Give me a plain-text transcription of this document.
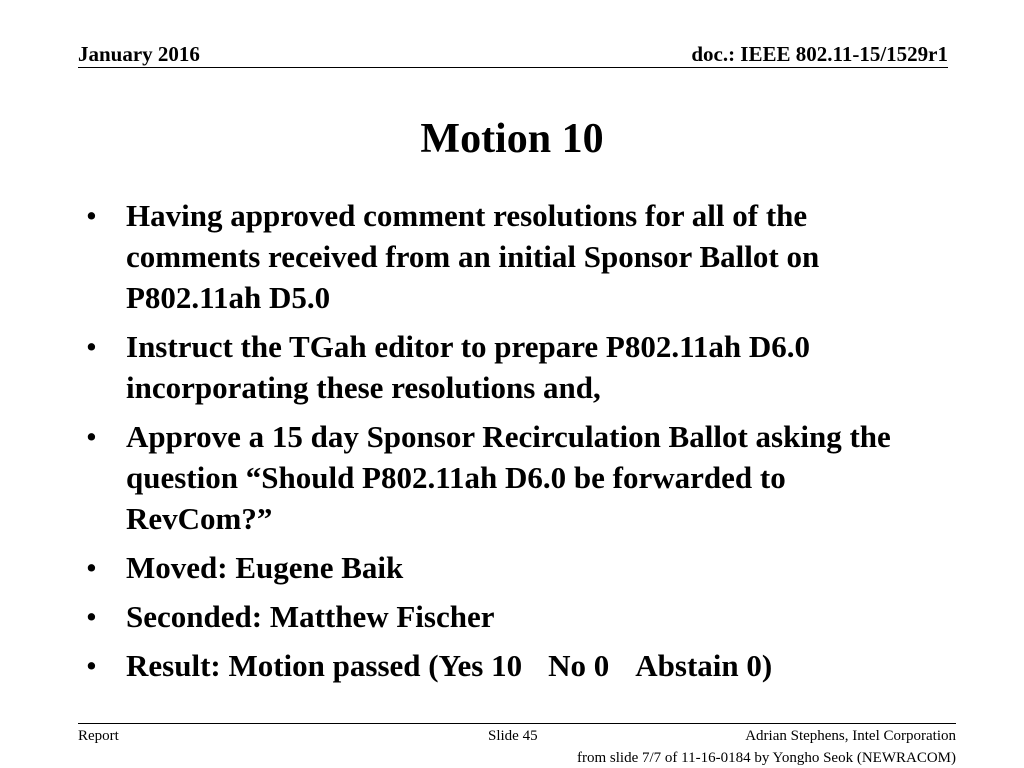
January 2016	doc.: IEEE 802.11-15/1529r1
Motion 10
• Having approved comment resolutions for all of the comments received from an initial Sponsor Ballot on P802.11ah D5.0
• Instruct the TGah editor to prepare P802.11ah D6.0 incorporating these resolutions and,
• Approve a 15 day Sponsor Recirculation Ballot asking the question “Should P802.11ah D6.0 be forwarded to RevCom?”
• Moved: Eugene Baik
• Seconded: Matthew Fischer
• Result: Motion passed (Yes 10 No 0 Abstain 0)
Report	Slide 45	Adrian Stephens, Intel Corporation
from slide 7/7 of 11-16-0184 by Yongho Seok (NEWRACOM)
